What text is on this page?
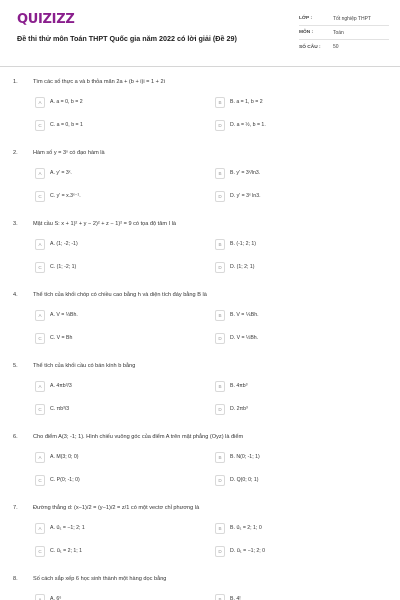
QUIZIZZ
Đề thi thử môn Toán THPT Quốc gia năm 2022 có lời giải (Đề 29)
LỚP :	Tốt nghiệp THPT
MÔN :	Toán
SỐ CÂU :	50
1.	Tìm các số thực a và b thỏa mãn 2a + (b + i)i = 1 + 2i
A	A. a = 0, b = 2	B	B. a = 1, b = 2
C	C. a = 0, b = 1	D	D. a = ½, b = 1.
2.	Hàm số y = 3ˣ có đạo hàm là
A	A. y' = 3ˣ.	B	B. y' = 3ˣ/ln3.
C	C. y' = x.3ˣ⁻¹.	D	D. y' = 3ˣ ln3.
3.	Mặt cầu S: x + 1)² + y − 2)² + z − 1)² = 9 có tọa độ tâm I là
A	A. (1; -2; -1)	B	B. (-1; 2; 1)
C	C. (1; -2; 1)	D	D. (1; 2; 1)
4.	Thể tích của khối chóp có chiều cao bằng h và diện tích đáy bằng B là
A	A. V = ⅓Bh.	B	B. V = ⅙Bh.
C	C. V = Bh	D	D. V = ½Bh.
5.	Thể tích của khối cầu có bán kính b bằng
A	A. 4πb³/3	B	B. 4πb³
C	C. πb³/3	D	D. 2πb³
6.	Cho điểm A(3; -1; 1). Hình chiếu vuông góc của điểm A trên mặt phẳng (Oyz) là điểm
A	A. M(3; 0; 0)	B	B. N(0; -1; 1)
C	C. P(0; -1; 0)	D	D. Q(0; 0; 1)
7.	Đường thẳng d: (x−1)/2 = (y−1)/2 = z/1 có một vectơ chỉ phương là
A	A. u⃗₁ = −1; 2; 1	B	B. u⃗₁ = 2; 1; 0
C	C. u⃗₁ = 2; 1; 1	D	D. u⃗₁ = −1; 2; 0
8.	Số cách sắp xếp 6 học sinh thành một hàng dọc bằng
A	A. 6⁶	B	B. 4!
